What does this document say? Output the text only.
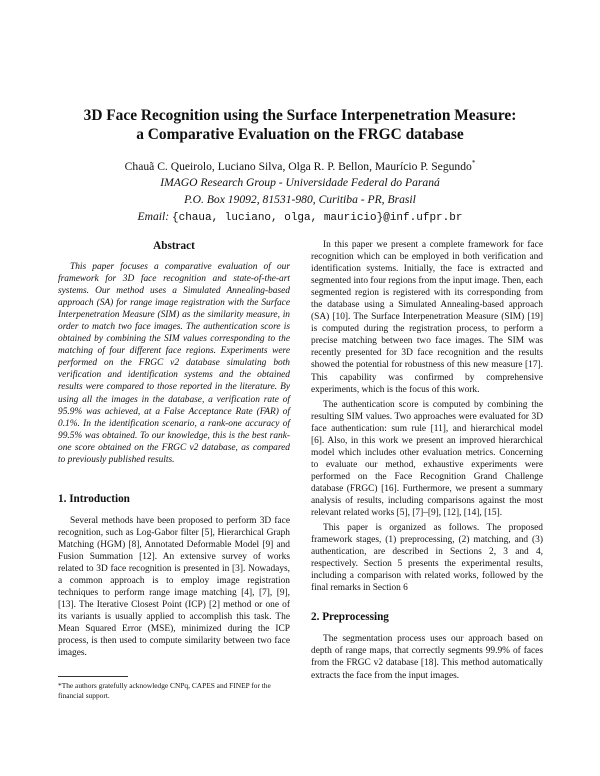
3D Face Recognition using the Surface Interpenetration Measure:
a Comparative Evaluation on the FRGC database
Chauã C. Queirolo, Luciano Silva, Olga R. P. Bellon, Maurício P. Segundo*
IMAGO Research Group - Universidade Federal do Paraná
P.O. Box 19092, 81531-980, Curitiba - PR, Brasil
Email: {chaua, luciano, olga, mauricio}@inf.ufpr.br
Abstract

This paper focuses a comparative evaluation of our framework for 3D face recognition and state-of-the-art systems. Our method uses a Simulated Annealing-based approach (SA) for range image registration with the Surface Interpenetration Measure (SIM) as the similarity measure, in order to match two face images. The authentication score is obtained by combining the SIM values corresponding to the matching of four different face regions. Experiments were performed on the FRGC v2 database simulating both verification and identification systems and the obtained results were compared to those reported in the literature. By using all the images in the database, a verification rate of 95.9% was achieved, at a False Acceptance Rate (FAR) of 0.1%. In the identification scenario, a rank-one accuracy of 99.5% was obtained. To our knowledge, this is the best rank-one score obtained on the FRGC v2 database, as compared to previously published results.

1. Introduction

Several methods have been proposed to perform 3D face recognition, such as Log-Gabor filter [5], Hierarchical Graph Matching (HGM) [8], Annotated Deformable Model [9] and Fusion Summation [12]. An extensive survey of works related to 3D face recognition is presented in [3]. Nowadays, a common approach is to employ image registration techniques to perform range image matching [4], [7], [9], [13]. The Iterative Closest Point (ICP) [2] method or one of its variants is usually applied to accomplish this task. The Mean Squared Error (MSE), minimized during the ICP process, is then used to compute similarity between two face images.

In this paper we present a complete framework for face recognition which can be employed in both verification and identification systems. Initially, the face is extracted and segmented into four regions from the input image. Then, each segmented region is registered with its corresponding from the database using a Simulated Annealing-based approach (SA) [10]. The Surface Interpenetration Measure (SIM) [19] is computed during the registration process, to perform a precise matching between two face images. The SIM was recently presented for 3D face recognition and the results showed the potential for robustness of this new measure [17]. This capability was confirmed by comprehensive experiments, which is the focus of this work.

The authentication score is computed by combining the resulting SIM values. Two approaches were evaluated for 3D face authentication: sum rule [11], and hierarchical model [6]. Also, in this work we present an improved hierarchical model which includes other evaluation metrics. Concerning to evaluate our method, exhaustive experiments were performed on the Face Recognition Grand Challenge database (FRGC) [16]. Furthermore, we present a summary analysis of results, including comparisons against the most relevant related works [5], [7]–[9], [12], [14], [15].

This paper is organized as follows. The proposed framework stages, (1) preprocessing, (2) matching, and (3) authentication, are described in Sections 2, 3 and 4, respectively. Section 5 presents the experimental results, including a comparison with related works, followed by the final remarks in Section 6

2. Preprocessing

The segmentation process uses our approach based on depth of range maps, that correctly segments 99.9% of faces from the FRGC v2 database [18]. This method automatically extracts the face from the input images.

*The authors gratefully acknowledge CNPq, CAPES and FINEP for the financial support.
